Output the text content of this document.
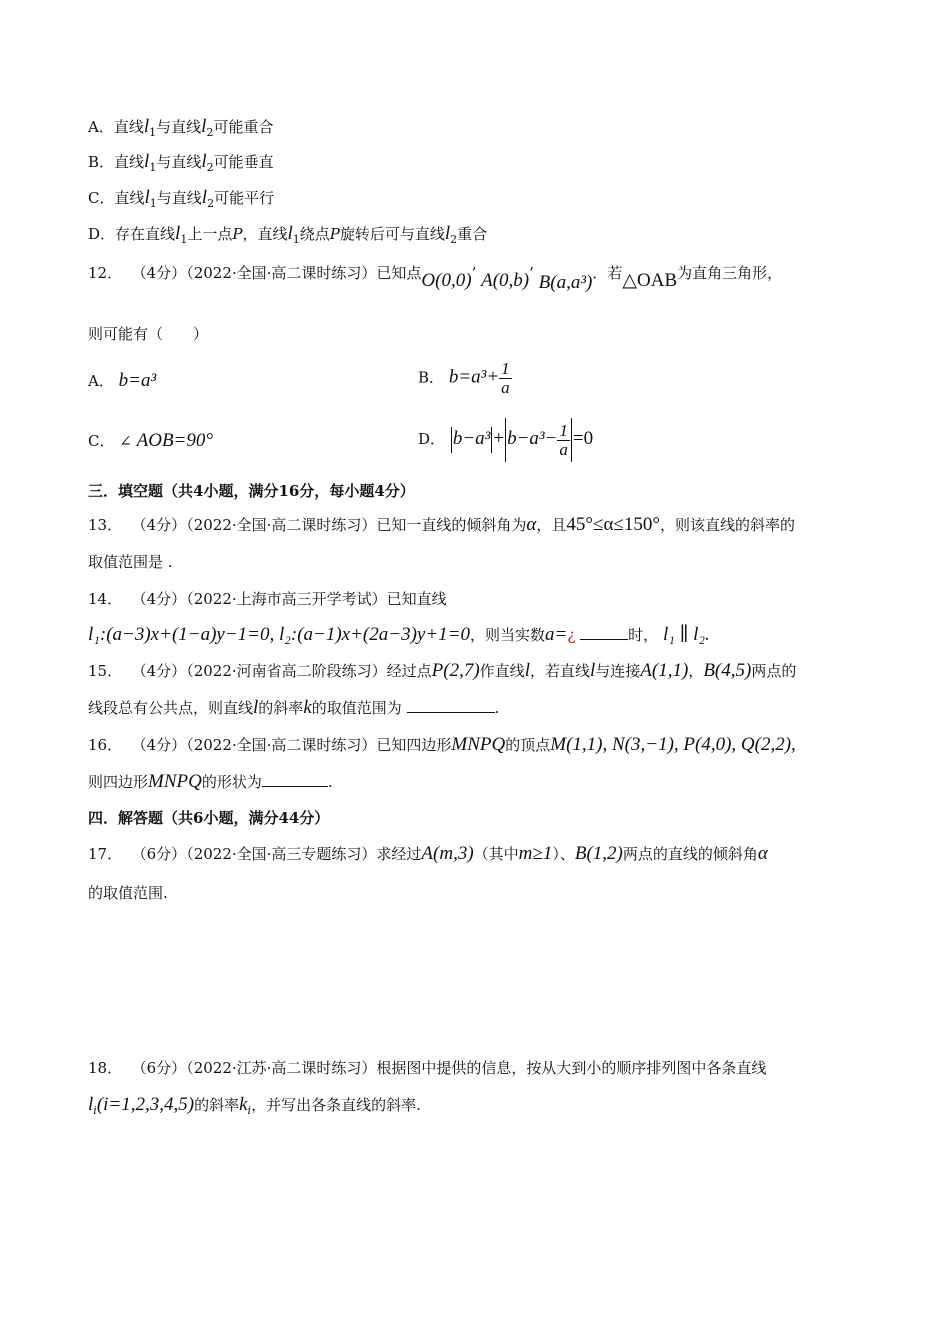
A．直线$l_1$与直线$l_2$可能重合
B．直线$l_1$与直线$l_2$可能垂直
C．直线$l_1$与直线$l_2$可能平行
D．存在直线$l_1$上一点P，直线$l_1$绕点P旋转后可与直线$l_2$重合
12． （4分）（2022·全国·高二课时练习）已知点O(0,0)’ A(0,b)’ B(a,a³)．若△OAB为直角三角形，
则可能有（　　）
A． b=a³	B． $b=a^3+ \frac{1}{a}$
C． ∠ AOB=90°	D． $b-a^3 + b-a^3- \frac{1}{a} =0$
三．填空题（共4小题，满分16分，每小题4分）
13． （4分）（2022·全国·高二课时练习）已知一直线的倾斜角为α，且45°≤α≤150°，则该直线的斜率的
取值范围是 .
14． （4分）（2022·上海市高三开学考试）已知直线
l₁:(a−3)x+(1−a)y−1=0, l₂:(a−1)x+(2a−3)y+1=0，则当实数a=¿	时， l₁ ∥ l₂.
15． （4分）（2022·河南省高二阶段练习）经过点P(2,7)作直线l，若直线l与连接A(1,1)，B(4,5)两点的
线段总有公共点，则直线l的斜率k的取值范围为	.
16． （4分）（2022·全国·高二课时练习）已知四边形MNPQ的顶点M(1,1), N(3,−1), P(4,0), Q(2,2),
则四边形MNPQ的形状为	.
四．解答题（共6小题，满分44分）
17． （6分）（2022·全国·高三专题练习）求经过A(m,3)（其中m≥1）、B(1,2)两点的直线的倾斜角α
的取值范围.
18． （6分）（2022·江苏·高二课时练习）根据图中提供的信息，按从大到小的顺序排列图中各条直线
$l_i(i=1,2,3,4,5)$的斜率$k_i$，并写出各条直线的斜率.
